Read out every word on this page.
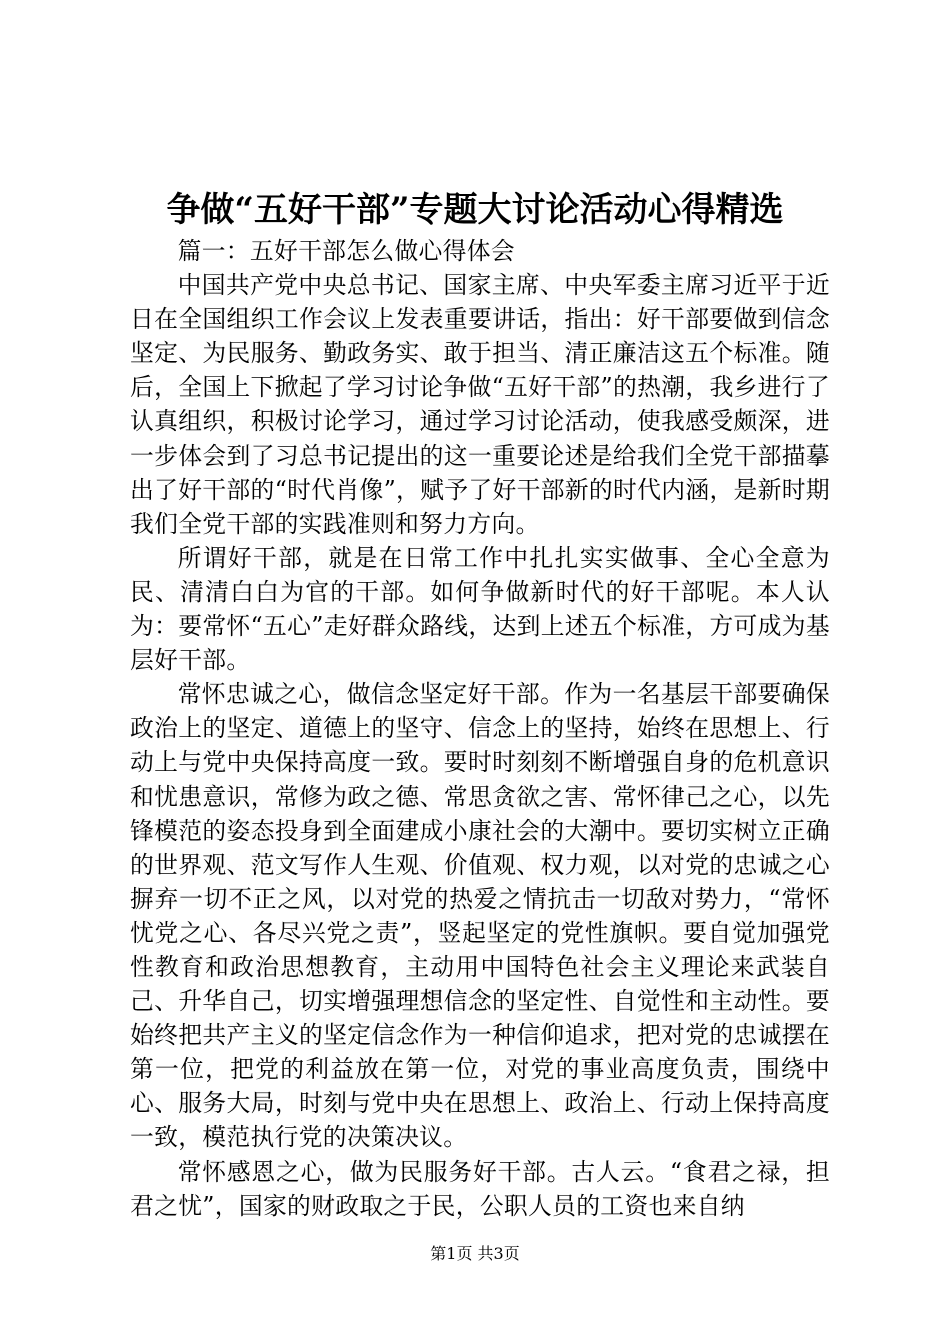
争做“五好干部”专题大讨论活动心得精选

篇一：五好干部怎么做心得体会

中国共产党中央总书记、国家主席、中央军委主席习近平于近日在全国组织工作会议上发表重要讲话，指出：好干部要做到信念坚定、为民服务、勤政务实、敢于担当、清正廉洁这五个标准。随后，全国上下掀起了学习讨论争做“五好干部”的热潮，我乡进行了认真组织，积极讨论学习，通过学习讨论活动，使我感受颇深，进一步体会到了习总书记提出的这一重要论述是给我们全党干部描摹出了好干部的“时代肖像”，赋予了好干部新的时代内涵，是新时期我们全党干部的实践准则和努力方向。

所谓好干部，就是在日常工作中扎扎实实做事、全心全意为民、清清白白为官的干部。如何争做新时代的好干部呢。本人认为：要常怀“五心”走好群众路线，达到上述五个标准，方可成为基层好干部。

常怀忠诚之心，做信念坚定好干部。作为一名基层干部要确保政治上的坚定、道德上的坚守、信念上的坚持，始终在思想上、行动上与党中央保持高度一致。要时时刻刻不断增强自身的危机意识和忧患意识，常修为政之德、常思贪欲之害、常怀律己之心，以先锋模范的姿态投身到全面建成小康社会的大潮中。要切实树立正确的世界观、范文写作人生观、价值观、权力观，以对党的忠诚之心摒弃一切不正之风，以对党的热爱之情抗击一切敌对势力，“常怀忧党之心、各尽兴党之责”，竖起坚定的党性旗帜。要自觉加强党性教育和政治思想教育，主动用中国特色社会主义理论来武装自己、升华自己，切实增强理想信念的坚定性、自觉性和主动性。要始终把共产主义的坚定信念作为一种信仰追求，把对党的忠诚摆在第一位，把党的利益放在第一位，对党的事业高度负责，围绕中心、服务大局，时刻与党中央在思想上、政治上、行动上保持高度一致，模范执行党的决策决议。

常怀感恩之心，做为民服务好干部。古人云。“食君之禄，担君之忧”，国家的财政取之于民，公职人员的工资也来自纳

第1页 共3页
